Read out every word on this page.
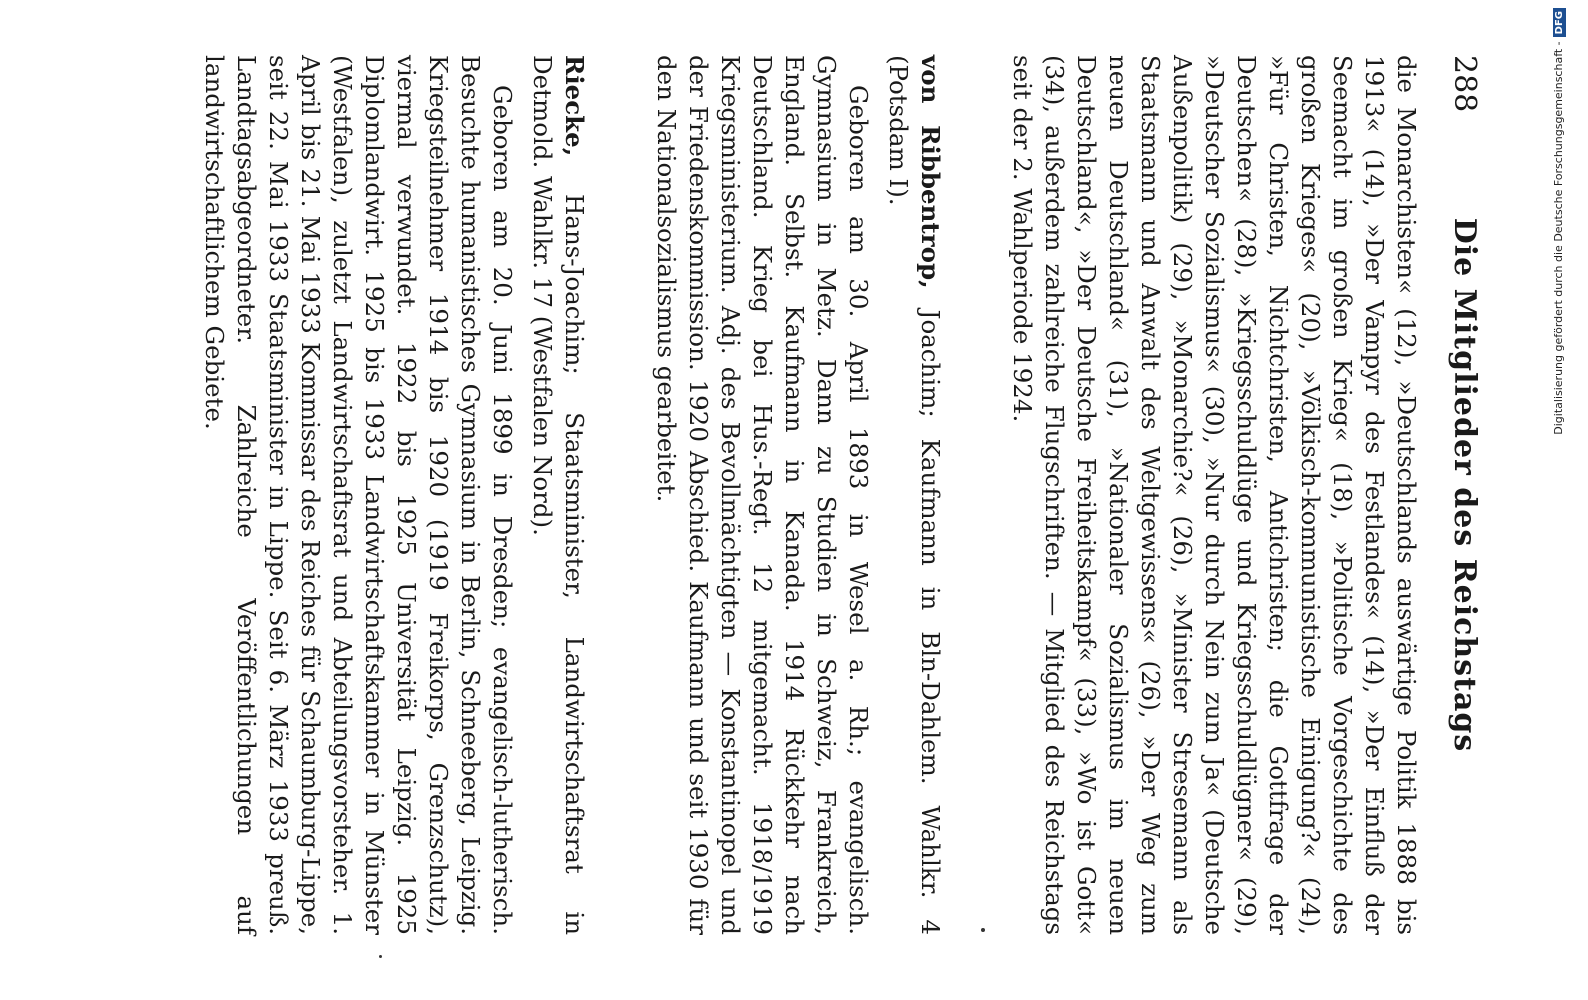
288
Die Mitglieder des Reichstags

die Monarchisten« (12), »Deutschlands auswärtige Politik 1888 bis 1913« (14), »Der Vampyr des Festlandes« (14), »Der Einfluß der Seemacht im großen Krieg« (18), »Politische Vorgeschichte des großen Krieges« (20), »Völkisch-kommunistische Einigung?« (24), »Für Christen, Nichtchristen, Antichristen; die Gottfrage der Deutschen« (28), »Kriegsschuldlüge und Kriegsschuldlügner« (29), »Deutscher Sozialismus« (30), »Nur durch Nein zum Ja« (Deutsche Außenpolitik) (29), »Monarchie?« (26), »Minister Stresemann als Staatsmann und Anwalt des Weltgewissens« (26), »Der Weg zum neuen Deutschland« (31), »Nationaler Sozialismus im neuen Deutschland«, »Der Deutsche Freiheitskampf« (33), »Wo ist Gott« (34), außerdem zahlreiche Flugschriften. — Mitglied des Reichstags seit der 2. Wahlperiode 1924.

von Ribbentrop, Joachim; Kaufmann in Bln-Dahlem. Wahlkr. 4 (Potsdam I).

Geboren am 30. April 1893 in Wesel a. Rh.; evangelisch. Gymnasium in Metz. Dann zu Studien in Schweiz, Frankreich, England. Selbst. Kaufmann in Kanada. 1914 Rückkehr nach Deutschland. Krieg bei Hus.-Regt. 12 mitgemacht. 1918/1919 Kriegsministerium. Adj. des Bevollmächtigten — Konstantinopel und der Friedenskommission. 1920 Abschied. Kaufmann und seit 1930 für den Nationalsozialismus gearbeitet.

Riecke, Hans-Joachim; Staatsminister, Landwirtschaftsrat in Detmold. Wahlkr. 17 (Westfalen Nord).

Geboren am 20. Juni 1899 in Dresden; evangelisch-lutherisch. Besuchte humanistisches Gymnasium in Berlin, Schneeberg, Leipzig. Kriegsteilnehmer 1914 bis 1920 (1919 Freikorps, Grenzschutz), viermal verwundet. 1922 bis 1925 Universität Leipzig. 1925 Diplomlandwirt. 1925 bis 1933 Landwirtschaftskammer in Münster (Westfalen), zuletzt Landwirtschaftsrat und Abteilungsvorsteher. 1. April bis 21. Mai 1933 Kommissar des Reiches für Schaumburg-Lippe, seit 22. Mai 1933 Staatsminister in Lippe. Seit 6. März 1933 preuß. Landtagsabgeordneter. Zahlreiche Veröffentlichungen auf landwirtschaftlichem Gebiete.	Digitalisierung gefördert durch die Deutsche Forschungsgemeinschaft -DFG
